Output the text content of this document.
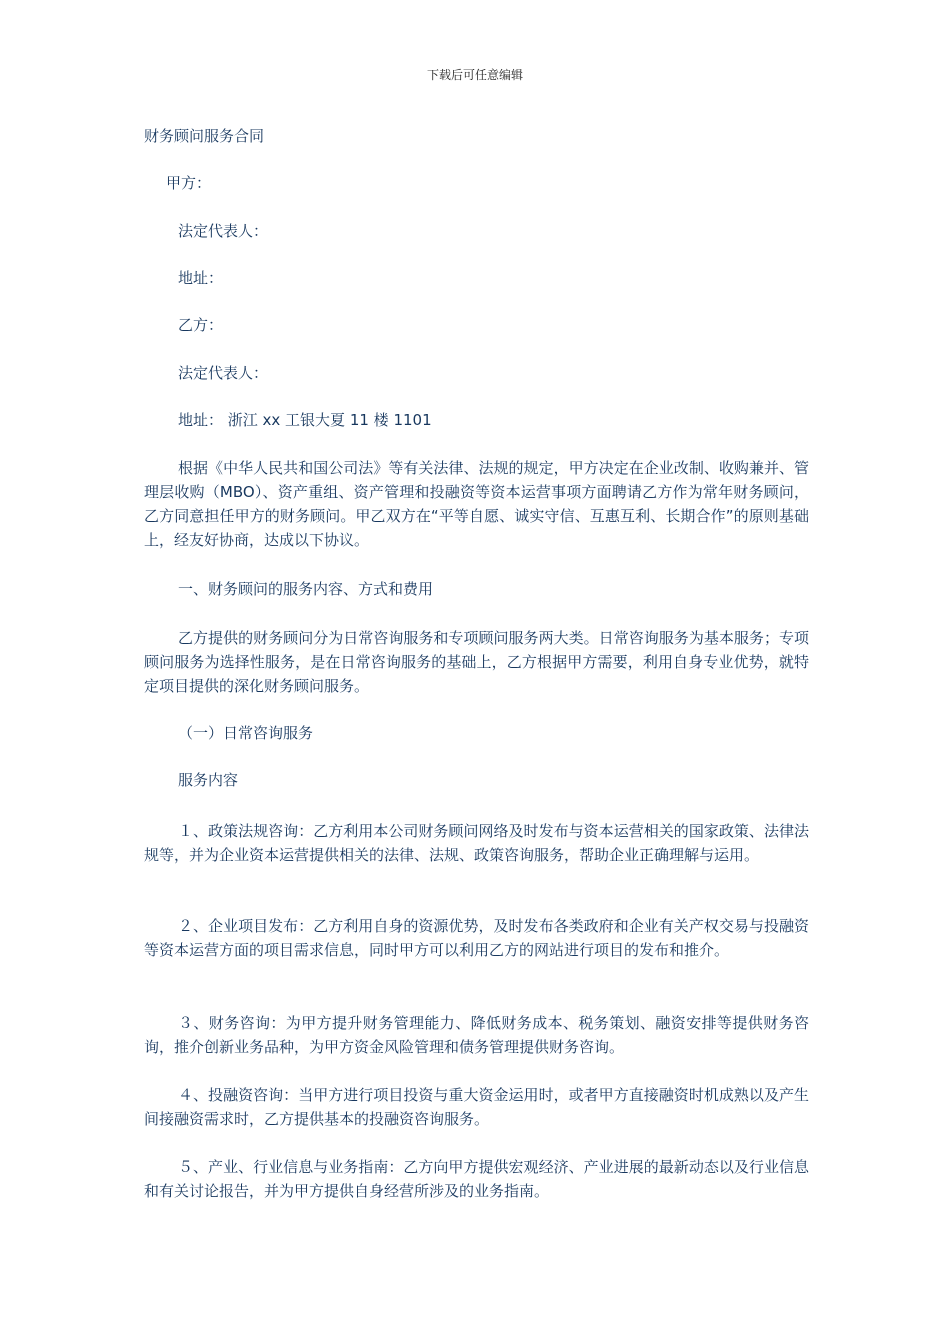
下载后可任意编辑
财务顾问服务合同
甲方：
法定代表人：
地址：
乙方：
法定代表人：
地址： 浙江 xx 工银大夏 11 楼 1101
根据《中华人民共和国公司法》等有关法律、法规的规定，甲方决定在企业改制、收购兼并、管理层收购（MBO）、资产重组、资产管理和投融资等资本运营事项方面聘请乙方作为常年财务顾问，乙方同意担任甲方的财务顾问。甲乙双方在“平等自愿、诚实守信、互惠互利、长期合作”的原则基础上，经友好协商，达成以下协议。
一、财务顾问的服务内容、方式和费用
乙方提供的财务顾问分为日常咨询服务和专项顾问服务两大类。日常咨询服务为基本服务；专项顾问服务为选择性服务，是在日常咨询服务的基础上，乙方根据甲方需要，利用自身专业优势，就特定项目提供的深化财务顾问服务。
（一）日常咨询服务
服务内容
１、政策法规咨询：乙方利用本公司财务顾问网络及时发布与资本运营相关的国家政策、法律法规等，并为企业资本运营提供相关的法律、法规、政策咨询服务，帮助企业正确理解与运用。
２、企业项目发布：乙方利用自身的资源优势，及时发布各类政府和企业有关产权交易与投融资等资本运营方面的项目需求信息，同时甲方可以利用乙方的网站进行项目的发布和推介。
３、财务咨询：为甲方提升财务管理能力、降低财务成本、税务策划、融资安排等提供财务咨询，推介创新业务品种，为甲方资金风险管理和债务管理提供财务咨询。
４、投融资咨询：当甲方进行项目投资与重大资金运用时，或者甲方直接融资时机成熟以及产生间接融资需求时，乙方提供基本的投融资咨询服务。
５、产业、行业信息与业务指南：乙方向甲方提供宏观经济、产业进展的最新动态以及行业信息和有关讨论报告，并为甲方提供自身经营所涉及的业务指南。
